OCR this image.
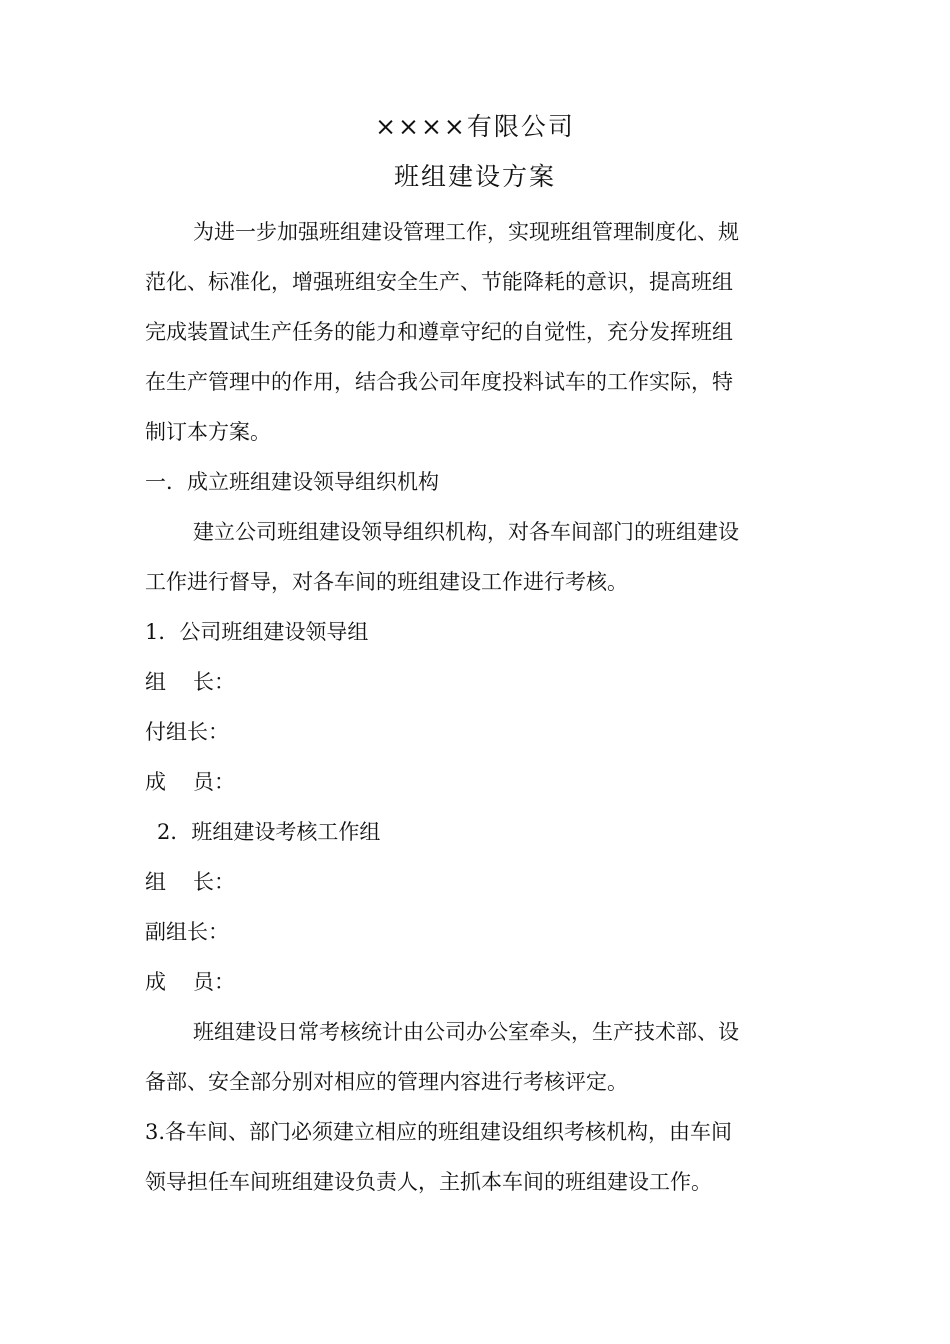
××××有限公司
班组建设方案

为进一步加强班组建设管理工作，实现班组管理制度化、规

范化、标准化，增强班组安全生产、节能降耗的意识，提高班组

完成装置试生产任务的能力和遵章守纪的自觉性，充分发挥班组

在生产管理中的作用，结合我公司年度投料试车的工作实际，特

制订本方案。

一．成立班组建设领导组织机构

建立公司班组建设领导组织机构，对各车间部门的班组建设

工作进行督导，对各车间的班组建设工作进行考核。

1．公司班组建设领导组

组 长：

付组长：

成 员：

2．班组建设考核工作组

组 长：

副组长：

成 员：

班组建设日常考核统计由公司办公室牵头，生产技术部、设

备部、安全部分别对相应的管理内容进行考核评定。

3.各车间、部门必须建立相应的班组建设组织考核机构，由车间

领导担任车间班组建设负责人，主抓本车间的班组建设工作。
